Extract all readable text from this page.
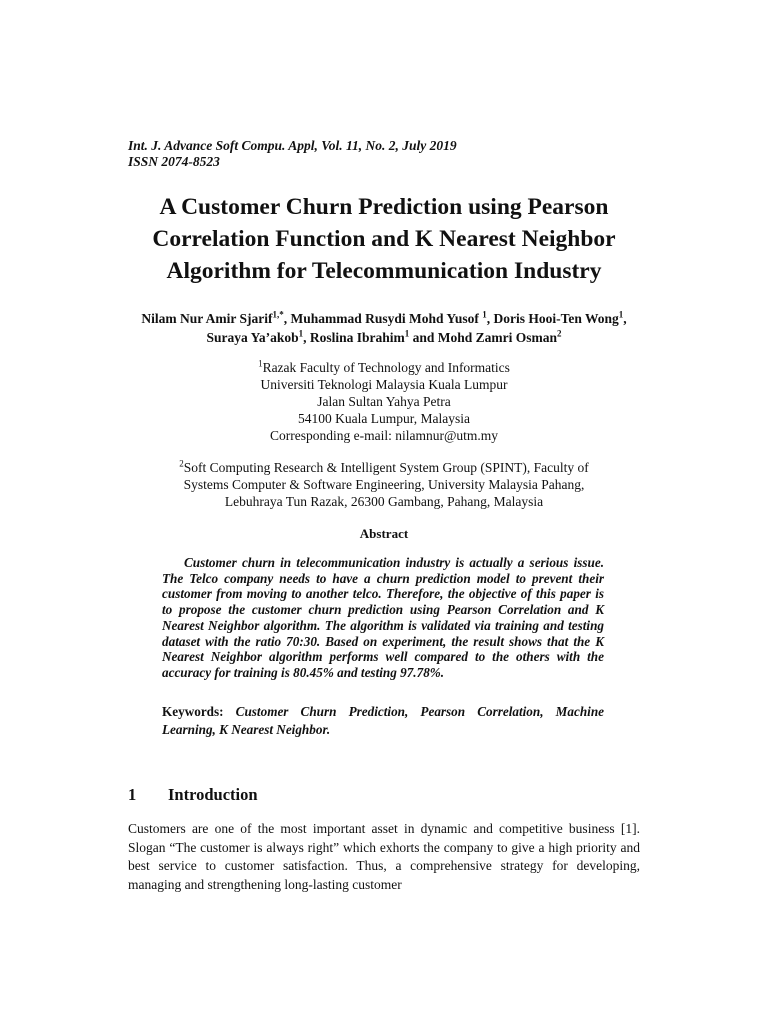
Int. J. Advance Soft Compu. Appl, Vol. 11, No. 2, July 2019
ISSN 2074-8523
A Customer Churn Prediction using Pearson
Correlation Function and K Nearest Neighbor
Algorithm for Telecommunication Industry
Nilam Nur Amir Sjarif$^{1,*}$, Muhammad Rusydi Mohd Yusof $^1$, Doris Hooi-Ten Wong$^1$, Suraya Ya’akob$^1$, Roslina Ibrahim$^1$ and Mohd Zamri Osman$^2$
$^1$Razak Faculty of Technology and Informatics
Universiti Teknologi Malaysia Kuala Lumpur
Jalan Sultan Yahya Petra
54100 Kuala Lumpur, Malaysia
Corresponding e-mail: nilamnur@utm.my
$^2$Soft Computing Research & Intelligent System Group (SPINT), Faculty of
Systems Computer & Software Engineering, University Malaysia Pahang,
Lebuhraya Tun Razak, 26300 Gambang, Pahang, Malaysia
Abstract
Customer churn in telecommunication industry is actually a serious issue. The Telco company needs to have a churn prediction model to prevent their customer from moving to another telco. Therefore, the objective of this paper is to propose the customer churn prediction using Pearson Correlation and K Nearest Neighbor algorithm. The algorithm is validated via training and testing dataset with the ratio 70:30. Based on experiment, the result shows that the K Nearest Neighbor algorithm performs well compared to the others with the accuracy for training is 80.45% and testing 97.78%.
Keywords: Customer Churn Prediction, Pearson Correlation, Machine Learning, K Nearest Neighbor.
1 Introduction
Customers are one of the most important asset in dynamic and competitive business [1]. Slogan “The customer is always right” which exhorts the company to give a high priority and best service to customer satisfaction. Thus, a comprehensive strategy for developing, managing and strengthening long-lasting customer
